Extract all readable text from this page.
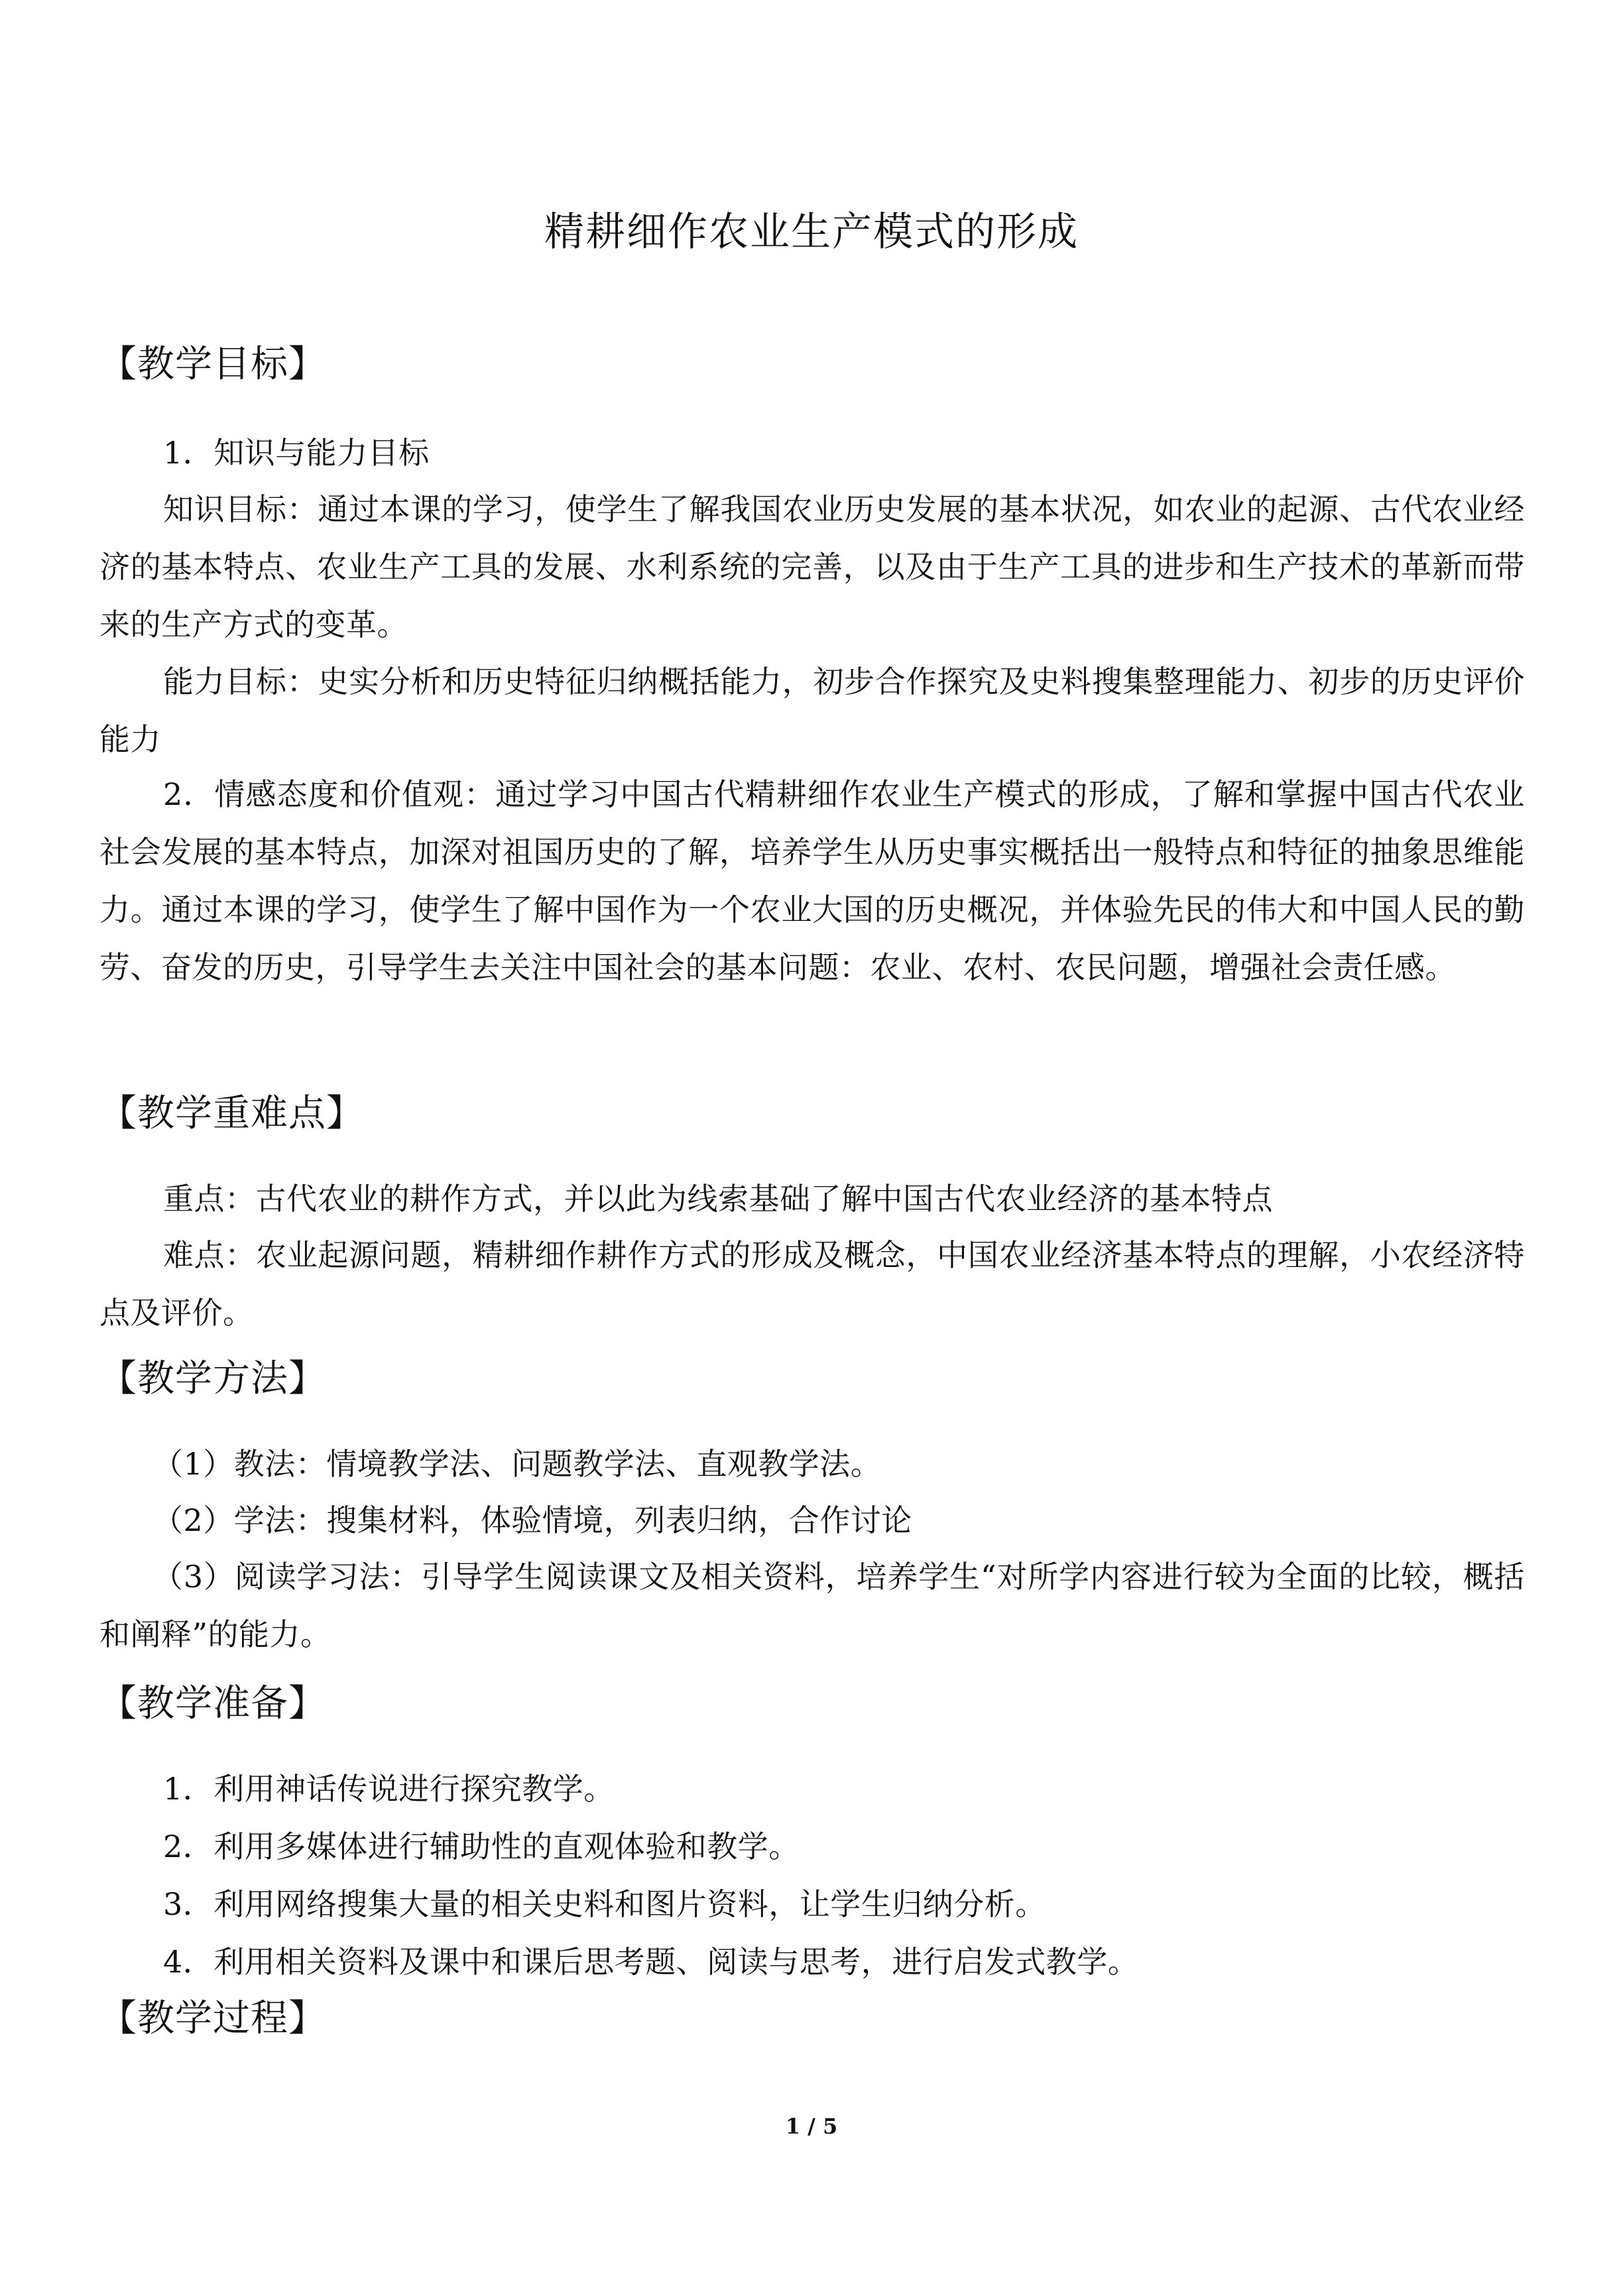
精耕细作农业生产模式的形成
【教学目标】
1．知识与能力目标
知识目标：通过本课的学习，使学生了解我国农业历史发展的基本状况，如农业的起源、古代农业经济的基本特点、农业生产工具的发展、水利系统的完善，以及由于生产工具的进步和生产技术的革新而带来的生产方式的变革。
能力目标：史实分析和历史特征归纳概括能力，初步合作探究及史料搜集整理能力、初步的历史评价能力
2．情感态度和价值观：通过学习中国古代精耕细作农业生产模式的形成，了解和掌握中国古代农业社会发展的基本特点，加深对祖国历史的了解，培养学生从历史事实概括出一般特点和特征的抽象思维能力。通过本课的学习，使学生了解中国作为一个农业大国的历史概况，并体验先民的伟大和中国人民的勤劳、奋发的历史，引导学生去关注中国社会的基本问题：农业、农村、农民问题，增强社会责任感。
【教学重难点】
重点：古代农业的耕作方式，并以此为线索基础了解中国古代农业经济的基本特点
难点：农业起源问题，精耕细作耕作方式的形成及概念，中国农业经济基本特点的理解，小农经济特点及评价。
【教学方法】
（1）教法：情境教学法、问题教学法、直观教学法。
（2）学法：搜集材料，体验情境，列表归纳，合作讨论
（3）阅读学习法：引导学生阅读课文及相关资料，培养学生“对所学内容进行较为全面的比较，概括和阐释”的能力。
【教学准备】
1．利用神话传说进行探究教学。
2．利用多媒体进行辅助性的直观体验和教学。
3．利用网络搜集大量的相关史料和图片资料，让学生归纳分析。
4．利用相关资料及课中和课后思考题、阅读与思考，进行启发式教学。
【教学过程】
1 / 5
